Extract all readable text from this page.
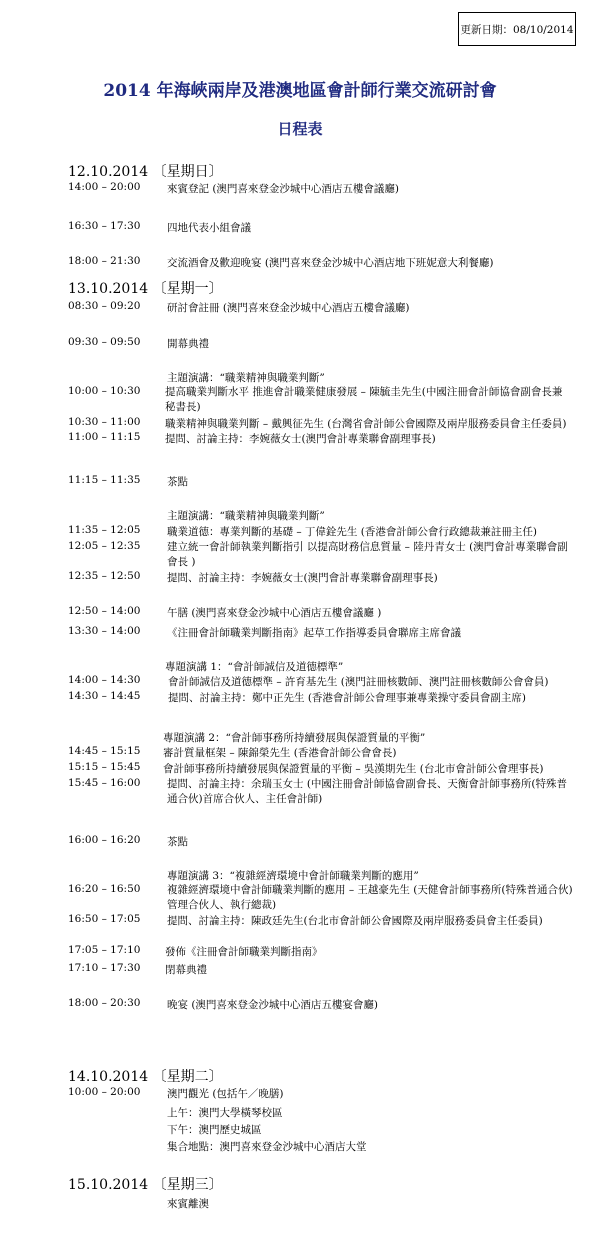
更新日期：08/10/2014
2014 年海峽兩岸及港澳地區會計師行業交流研討會
日程表
12.10.2014 〔星期日〕
14:00 – 20:00	來賓登記 (澳門喜來登金沙城中心酒店五樓會議廳)
16:30 – 17:30	四地代表小組會議
18:00 – 21:30	交流酒會及歡迎晚宴 (澳門喜來登金沙城中心酒店地下班妮意大利餐廳)
13.10.2014 〔星期一〕
08:30 – 09:20	研討會註冊 (澳門喜來登金沙城中心酒店五樓會議廳)
09:30 – 09:50	開幕典禮
主題演講：“職業精神與職業判斷”
10:00 – 10:30 提高職業判斷水平 推進會計職業健康發展 – 陳毓圭先生(中國注冊會計師協會副會長兼秘書長)
10:30 – 11:00 職業精神與職業判斷 – 戴興征先生 (台灣省會計師公會國際及兩岸服務委員會主任委員)
11:00 – 11:15 提問、討論主持：李婉薇女士(澳門會計專業聯會副理事長)
11:15 – 11:35	茶點
主題演講：“職業精神與職業判斷”
11:35 – 12:05	職業道德：專業判斷的基礎 – 丁偉銓先生 (香港會計師公會行政總裁兼註冊主任)
12:05 – 12:35	建立統一會計師執業判斷指引 以提高財務信息質量 – 陸丹青女士 (澳門會計專業聯會副會長 )
12:35 – 12:50	提問、討論主持：李婉薇女士(澳門會計專業聯會副理事長)
12:50 – 14:00	午膳 (澳門喜來登金沙城中心酒店五樓會議廳 )
13:30 – 14:00	《注冊會計師職業判斷指南》起草工作指導委員會聯席主席會議
專題演講 1：“會計師誠信及道德標準”
14:00 – 14:30	會計師誠信及道德標準 – 許育基先生 (澳門註冊核數師、澳門註冊核數師公會會員)
14:30 – 14:45	提問、討論主持：鄭中正先生 (香港會計師公會理事兼專業操守委員會副主席)
專題演講 2：“會計師事務所持續發展與保證質量的平衡”
14:45 – 15:15 審計質量框架 – 陳錦榮先生 (香港會計師公會會長)
15:15 – 15:45 會計師事務所持續發展與保證質量的平衡 – 吳漢期先生 (台北市會計師公會理事長)
15:45 – 16:00	提問、討論主持：余瑞玉女士 (中國注冊會計師協會副會長、天衡會計師事務所(特殊普通合伙)首席合伙人、主任會計師)
16:00 – 16:20	茶點
專題演講 3：“複雜經濟環境中會計師職業判斷的應用”
16:20 – 16:50	複雜經濟環境中會計師職業判斷的應用 – 王越豪先生 (天健會計師事務所(特殊普通合伙)管理合伙人、執行總裁)
16:50 – 17:05	提問、討論主持：陳政廷先生(台北市會計師公會國際及兩岸服務委員會主任委員)
17:05 – 17:10 發佈《注冊會計師職業判斷指南》
17:10 – 17:30 閉幕典禮
18:00 – 20:30	晚宴 (澳門喜來登金沙城中心酒店五樓宴會廳)
14.10.2014 〔星期二〕
10:00 – 20:00	澳門觀光 (包括午／晚膳)
上午：澳門大學橫琴校區
下午：澳門歷史城區
集合地點：澳門喜來登金沙城中心酒店大堂
15.10.2014 〔星期三〕
來賓離澳
